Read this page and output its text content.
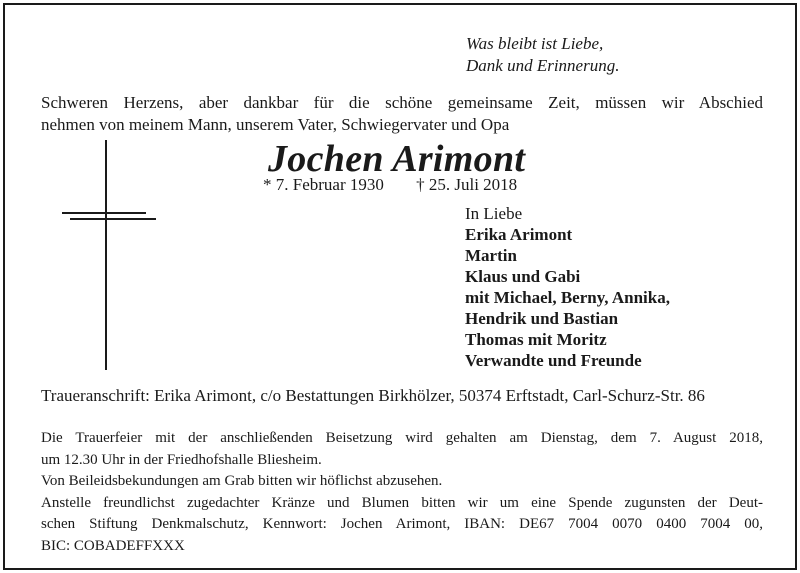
Was bleibt ist Liebe,
Dank und Erinnerung.
Schweren Herzens, aber dankbar für die schöne gemeinsame Zeit, müssen wir Abschied
nehmen von meinem Mann, unserem Vater, Schwiegervater und Opa
Jochen Arimont
* 7. Februar 1930 † 25. Juli 2018
In Liebe
Erika Arimont
Martin
Klaus und Gabi
mit Michael, Berny, Annika,
Hendrik und Bastian
Thomas mit Moritz
Verwandte und Freunde
Traueranschrift: Erika Arimont, c/o Bestattungen Birkhölzer, 50374 Erftstadt, Carl-Schurz-Str. 86
Die Trauerfeier mit der anschließenden Beisetzung wird gehalten am Dienstag, dem 7. August 2018,
um 12.30 Uhr in der Friedhofshalle Bliesheim.
Von Beileidsbekundungen am Grab bitten wir höflichst abzusehen.
Anstelle freundlichst zugedachter Kränze und Blumen bitten wir um eine Spende zugunsten der Deut-
schen Stiftung Denkmalschutz, Kennwort: Jochen Arimont, IBAN: DE67 7004 0070 0400 7004 00,
BIC: COBADEFFXXX
